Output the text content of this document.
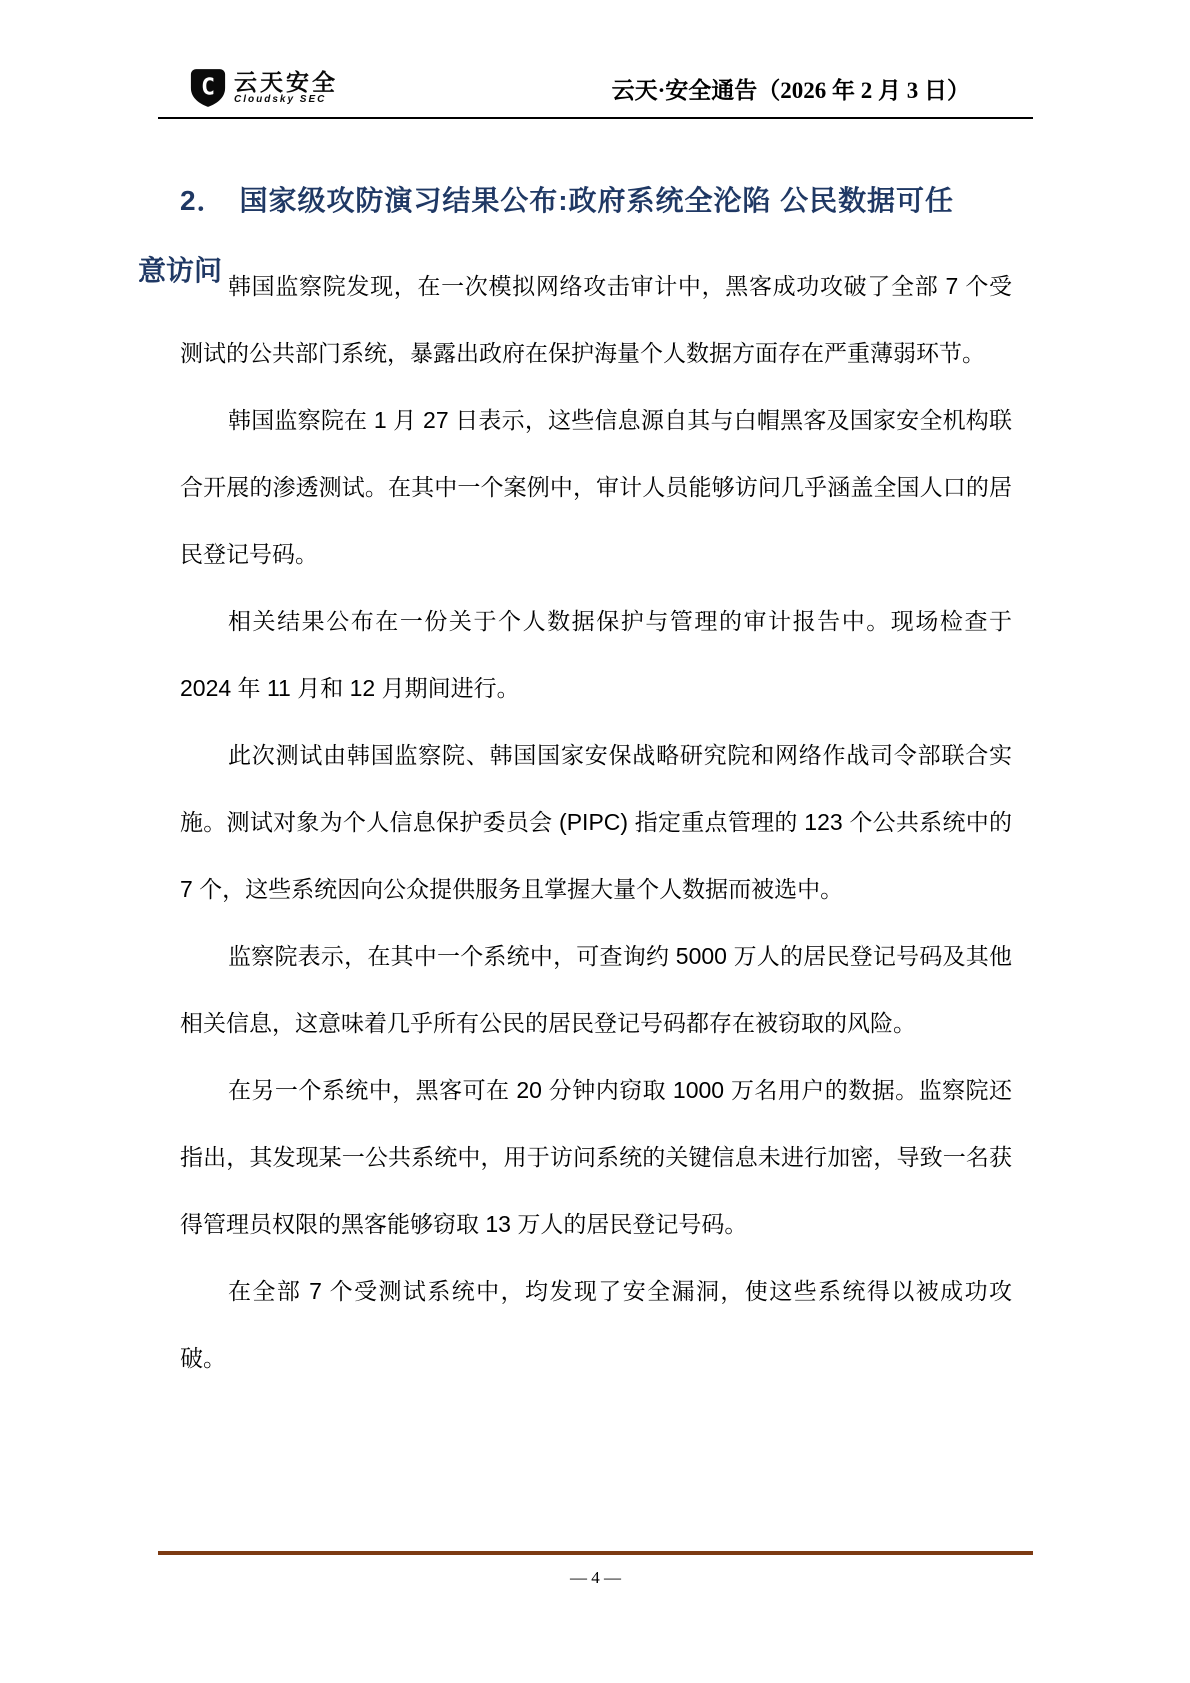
C 云天安全
Cloudsky SEC	云天·安全通告（2026 年 2 月 3 日）
2． 国家级攻防演习结果公布:政府系统全沦陷 公民数据可任意访问 韩国监察院发现，在一次模拟网络攻击审计中，黑客成功攻破了全部 7 个受测试的公共部门系统，暴露出政府在保护海量个人数据方面存在严重薄弱环节。

韩国监察院在 1 月 27 日表示，这些信息源自其与白帽黑客及国家安全机构联合开展的渗透测试。在其中一个案例中，审计人员能够访问几乎涵盖全国人口的居民登记号码。

相关结果公布在一份关于个人数据保护与管理的审计报告中。现场检查于 2024 年 11 月和 12 月期间进行。

此次测试由韩国监察院、韩国国家安保战略研究院和网络作战司令部联合实施。测试对象为个人信息保护委员会 (PIPC) 指定重点管理的 123 个公共系统中的 7 个，这些系统因向公众提供服务且掌握大量个人数据而被选中。

监察院表示，在其中一个系统中，可查询约 5000 万人的居民登记号码及其他相关信息，这意味着几乎所有公民的居民登记号码都存在被窃取的风险。

在另一个系统中，黑客可在 20 分钟内窃取 1000 万名用户的数据。监察院还指出，其发现某一公共系统中，用于访问系统的关键信息未进行加密，导致一名获得管理员权限的黑客能够窃取 13 万人的居民登记号码。

在全部 7 个受测试系统中，均发现了安全漏洞，使这些系统得以被成功攻破。

— 4 —
